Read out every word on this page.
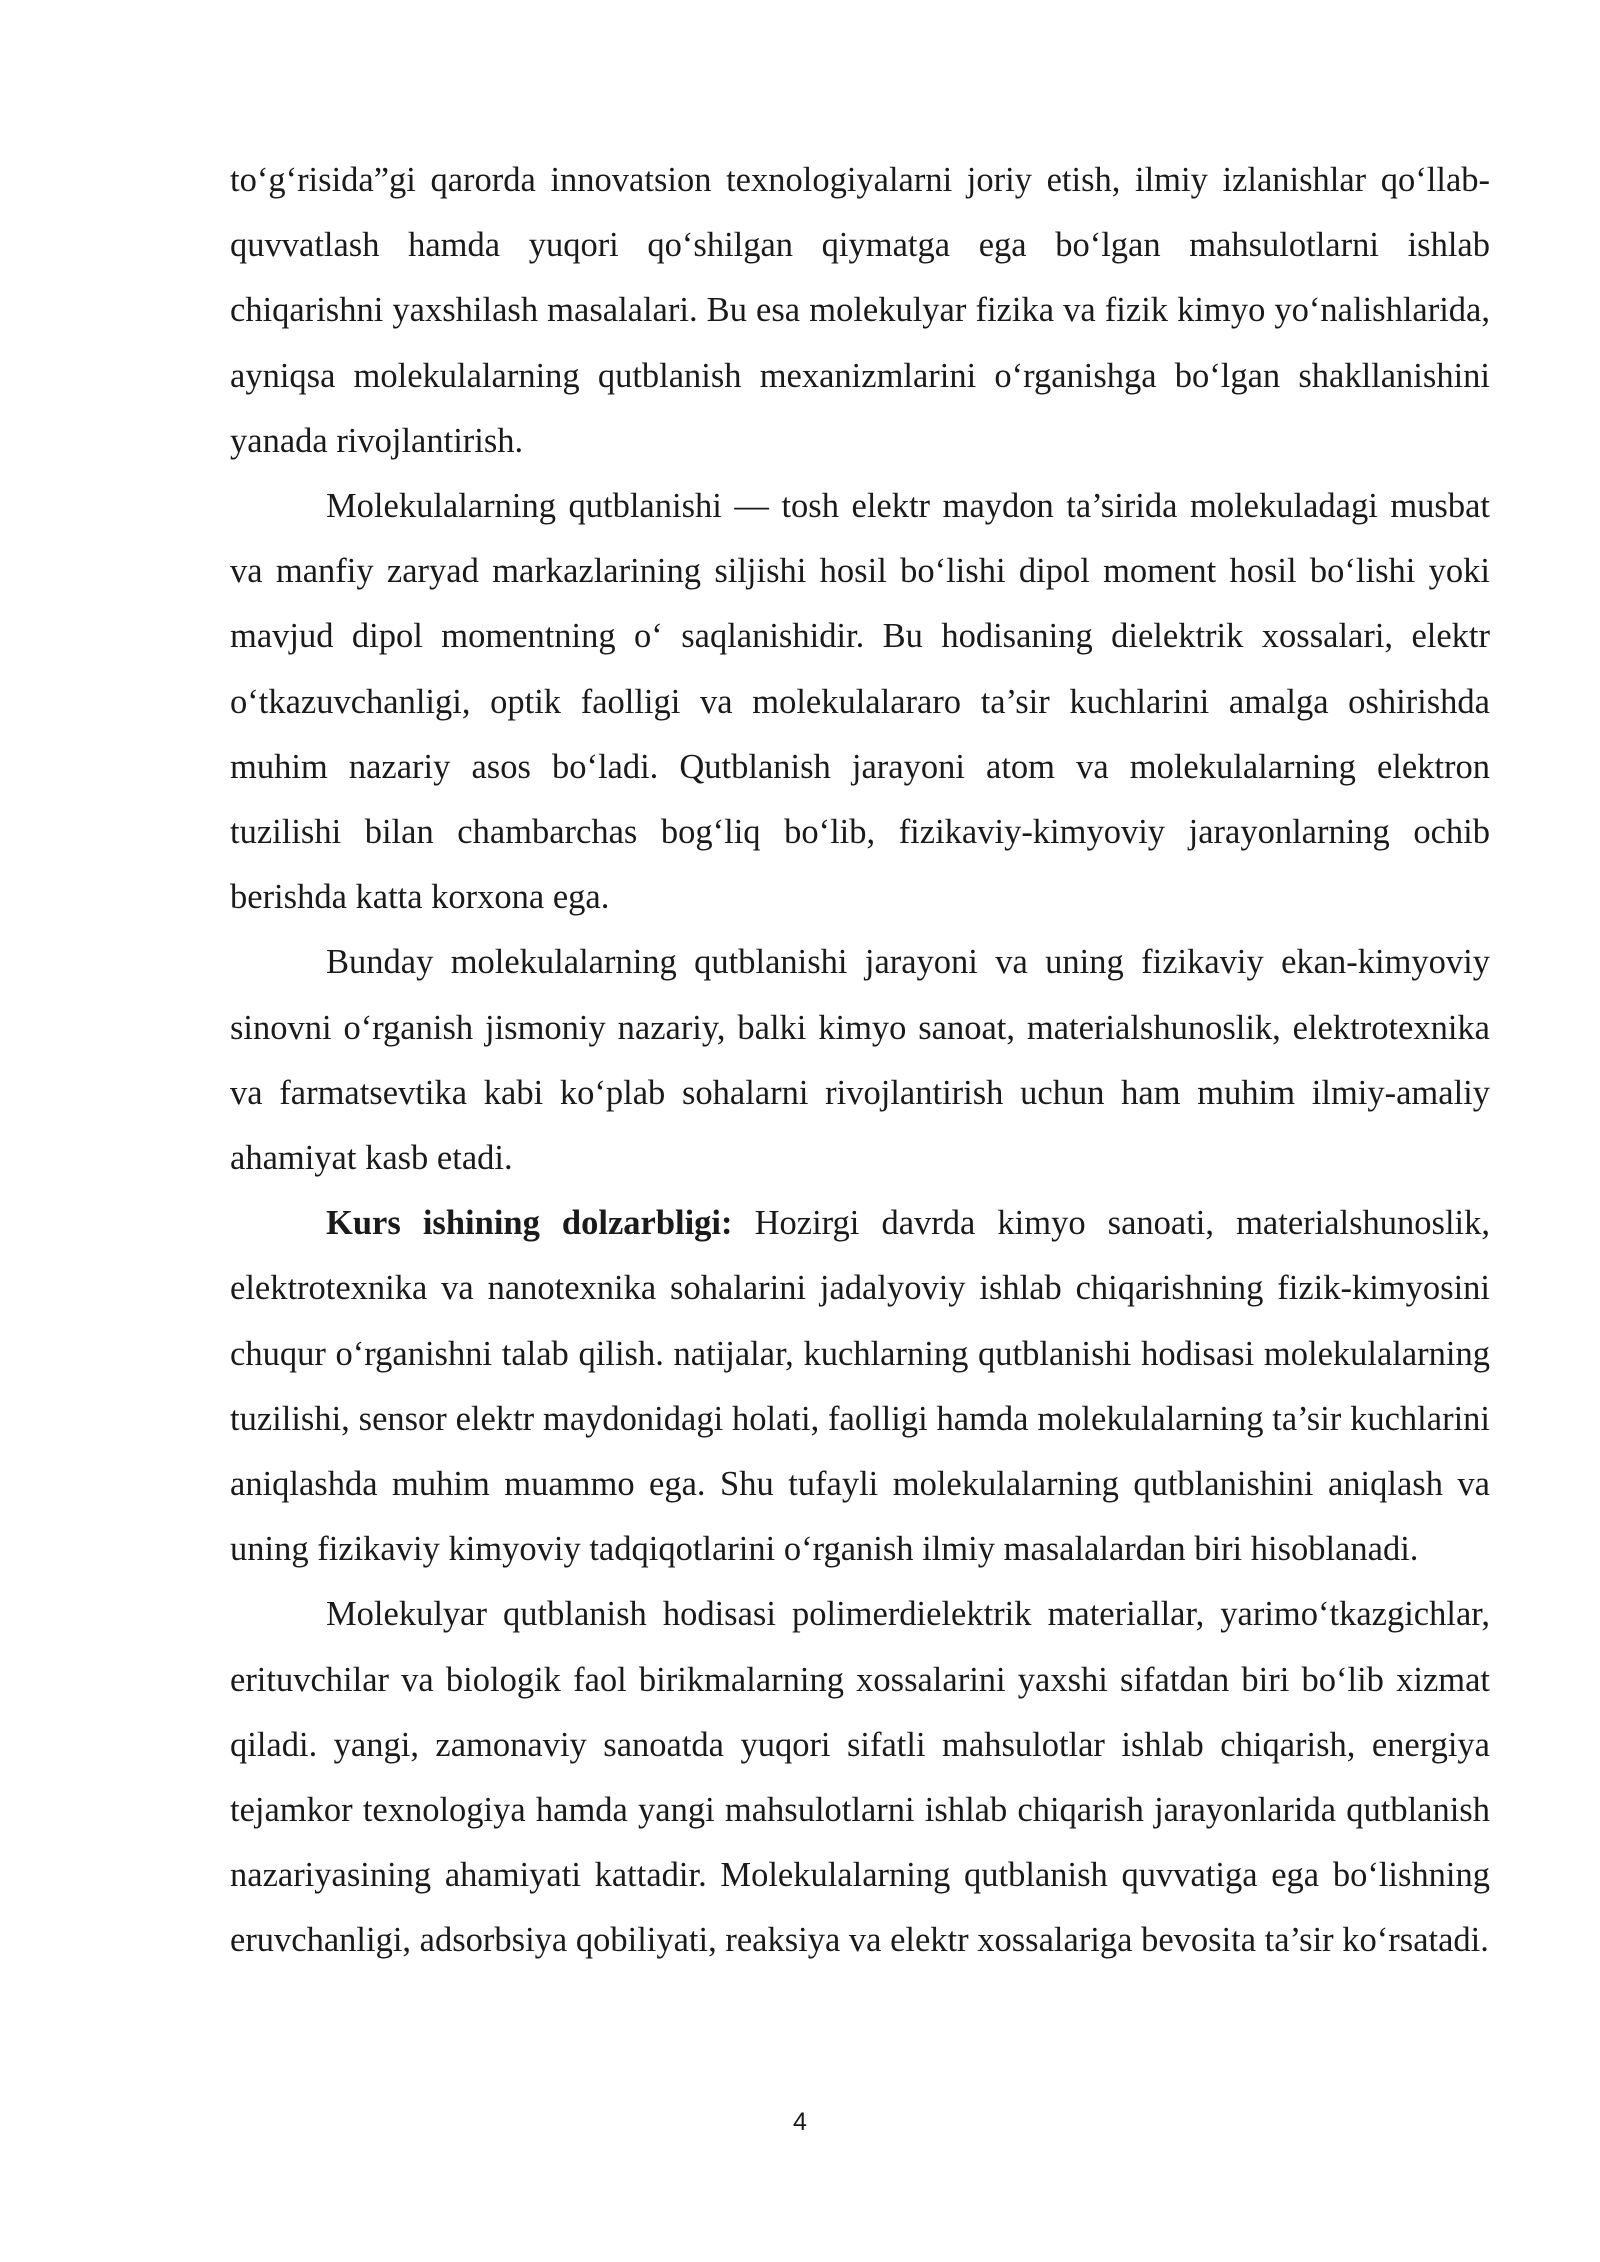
to‘g‘risida”gi qarorda innovatsion texnologiyalarni joriy etish, ilmiy izlanishlar qo‘llab-quvvatlash hamda yuqori qo‘shilgan qiymatga ega bo‘lgan mahsulotlarni ishlab chiqarishni yaxshilash masalalari. Bu esa molekulyar fizika va fizik kimyo yo‘nalishlarida, ayniqsa molekulalarning qutblanish mexanizmlarini o‘rganishga bo‘lgan shakllanishini yanada rivojlantirish.

Molekulalarning qutblanishi — tosh elektr maydon ta’sirida molekuladagi musbat va manfiy zaryad markazlarining siljishi hosil bo‘lishi dipol moment hosil bo‘lishi yoki mavjud dipol momentning o‘ saqlanishidir. Bu hodisaning dielektrik xossalari, elektr o‘tkazuvchanligi, optik faolligi va molekulalararo ta’sir kuchlarini amalga oshirishda muhim nazariy asos bo‘ladi. Qutblanish jarayoni atom va molekulalarning elektron tuzilishi bilan chambarchas bog‘liq bo‘lib, fizikaviy-kimyoviy jarayonlarning ochib berishda katta korxona ega.

Bunday molekulalarning qutblanishi jarayoni va uning fizikaviy ekan-kimyoviy sinovni o‘rganish jismoniy nazariy, balki kimyo sanoat, materialshunoslik, elektrotexnika va farmatsevtika kabi ko‘plab sohalarni rivojlantirish uchun ham muhim ilmiy-amaliy ahamiyat kasb etadi.

Kurs ishining dolzarbligi: Hozirgi davrda kimyo sanoati, materialshunoslik, elektrotexnika va nanotexnika sohalarini jadalyoviy ishlab chiqarishning fizik-kimyosini chuqur o‘rganishni talab qilish. natijalar, kuchlarning qutblanishi hodisasi molekulalarning tuzilishi, sensor elektr maydonidagi holati, faolligi hamda molekulalarning ta’sir kuchlarini aniqlashda muhim muammo ega. Shu tufayli molekulalarning qutblanishini aniqlash va uning fizikaviy kimyoviy tadqiqotlarini o‘rganish ilmiy masalalardan biri hisoblanadi.

Molekulyar qutblanish hodisasi polimerdielektrik materiallar, yarimo‘tkazgichlar, erituvchilar va biologik faol birikmalarning xossalarini yaxshi sifatdan biri bo‘lib xizmat qiladi. yangi, zamonaviy sanoatda yuqori sifatli mahsulotlar ishlab chiqarish, energiya tejamkor texnologiya hamda yangi mahsulotlarni ishlab chiqarish jarayonlarida qutblanish nazariyasining ahamiyati kattadir. Molekulalarning qutblanish quvvatiga ega bo‘lishning eruvchanligi, adsorbsiya qobiliyati, reaksiya va elektr xossalariga bevosita ta’sir ko‘rsatadi.

4
